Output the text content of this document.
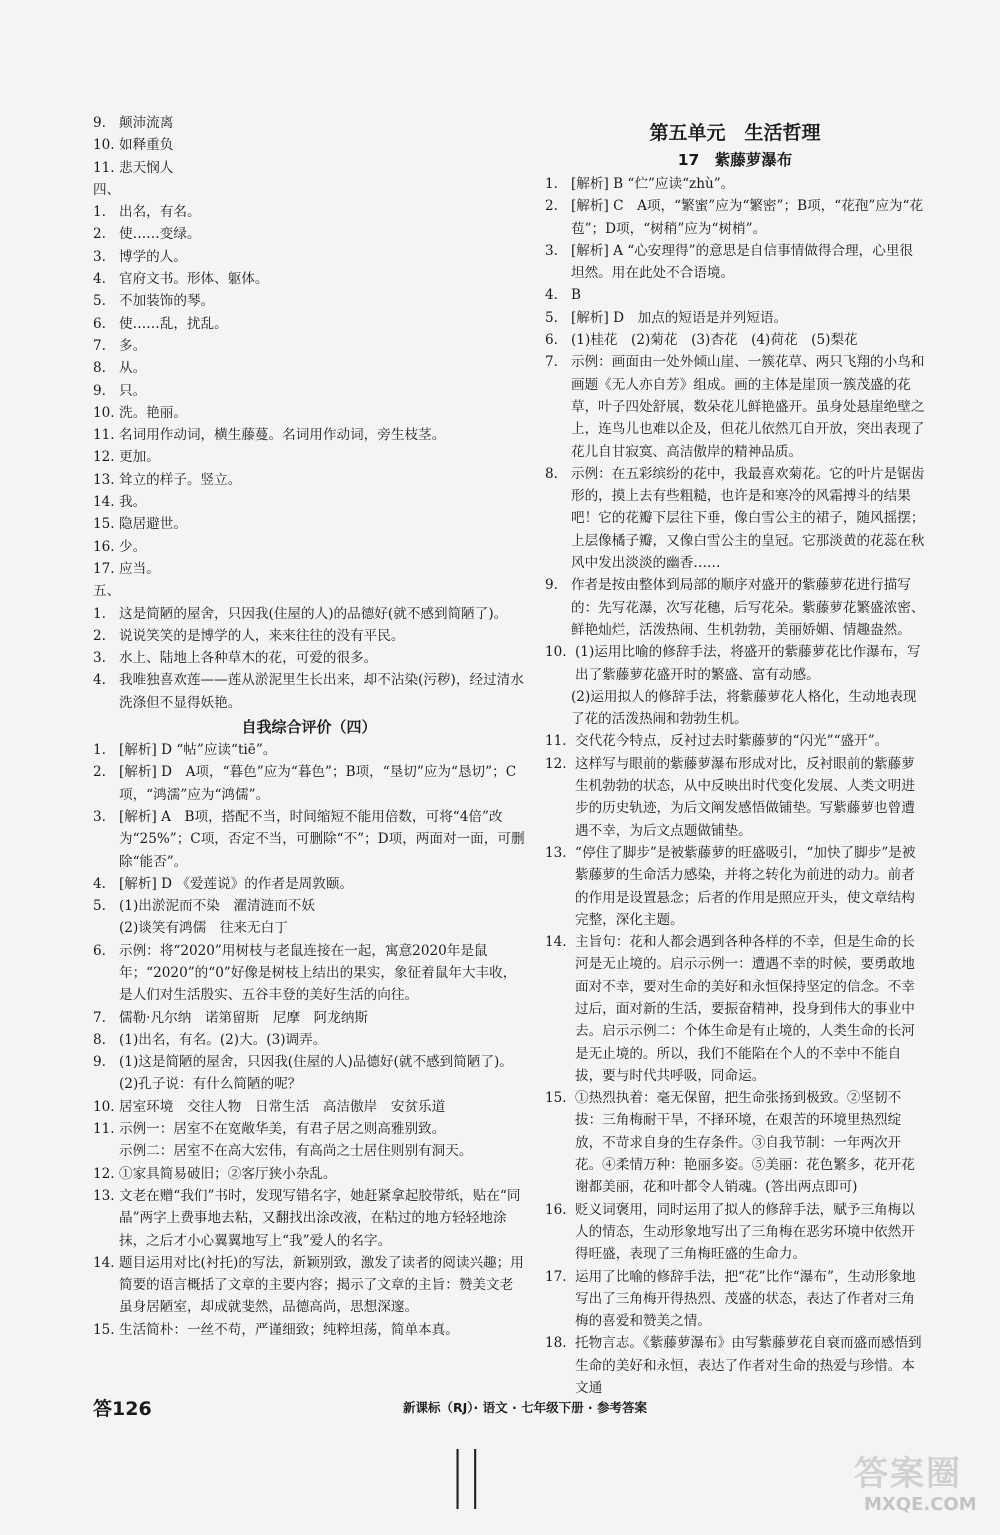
9. 颠沛流离
10. 如释重负
11. 悲天悯人
四、
1. 出名，有名。
2. 使……变绿。
3. 博学的人。
4. 官府文书。形体、躯体。
5. 不加装饰的琴。
6. 使……乱，扰乱。
7. 多。
8. 从。
9. 只。
10. 洗。艳丽。
11. 名词用作动词，横生藤蔓。名词用作动词，旁生枝茎。
12. 更加。
13. 耸立的样子。竖立。
14. 我。
15. 隐居避世。
16. 少。
17. 应当。
五、
1. 这是简陋的屋舍，只因我(住屋的人)的品德好(就不感到简陋了)。
2. 说说笑笑的是博学的人，来来往往的没有平民。
3. 水上、陆地上各种草木的花，可爱的很多。
4. 我唯独喜欢莲——莲从淤泥里生长出来，却不沾染(污秽)，经过清水洗涤但不显得妖艳。
自我综合评价（四）
1. [解析] D “帖”应读“tiē”。
2. [解析] D　A项，“暮色”应为“暮色”；B项，“垦切”应为“恳切”；C项，“鸿濡”应为“鸿儒”。
3. [解析] A　B项，搭配不当，时间缩短不能用倍数，可将“4倍”改为“25%”；C项，否定不当，可删除“不”；D项，两面对一面，可删除“能否”。
4. [解析] D 《爱莲说》的作者是周敦颐。
5. (1)出淤泥而不染　濯清涟而不妖
(2)谈笑有鸿儒　往来无白丁
6. 示例：将“2020”用树枝与老鼠连接在一起，寓意2020年是鼠年；“2020”的“0”好像是树枝上结出的果实，象征着鼠年大丰收，是人们对生活殷实、五谷丰登的美好生活的向往。
7. 儒勒·凡尔纳　诺第留斯　尼摩　阿龙纳斯
8. (1)出名，有名。(2)大。(3)调弄。
9. (1)这是简陋的屋舍，只因我(住屋的人)品德好(就不感到简陋了)。
(2)孔子说：有什么简陋的呢？
10. 居室环境　交往人物　日常生活　高洁傲岸　安贫乐道
11. 示例一：居室不在宽敞华美，有君子居之则高雅别致。
示例二：居室不在高大宏伟，有高尚之士居住则别有洞天。
12. ①家具简易破旧；②客厅狭小杂乱。
13. 文老在赠“我们”书时，发现写错名字，她赶紧拿起胶带纸，贴在“同晶”两字上费事地去粘，又翻找出涂改液，在粘过的地方轻轻地涂抹，之后才小心翼翼地写上“我”爱人的名字。
14. 题目运用对比(衬托)的写法，新颖别致，激发了读者的阅读兴趣；用简要的语言概括了文章的主要内容；揭示了文章的主旨：赞美文老虽身居陋室，却成就斐然，品德高尚，思想深邃。
15. 生活简朴：一丝不苟，严谨细致；纯粹坦荡，简单本真。
第五单元　生活哲理
17　紫藤萝瀑布
1. [解析] B “伫”应读“zhù”。
2. [解析] C　A项，“繁蜜”应为“繁密”；B项，“花孢”应为“花苞”；D项，“树稍”应为“树梢”。
3. [解析] A “心安理得”的意思是自信事情做得合理，心里很坦然。用在此处不合语境。
4. B
5. [解析] D　加点的短语是并列短语。
6. (1)桂花　(2)菊花　(3)杏花　(4)荷花　(5)梨花
7. 示例：画面由一处外倾山崖、一簇花草、两只飞翔的小鸟和画题《无人亦自芳》组成。画的主体是崖顶一簇茂盛的花草，叶子四处舒展，数朵花儿鲜艳盛开。虽身处悬崖绝壁之上，连鸟儿也难以企及，但花儿依然兀自开放，突出表现了花儿自甘寂寞、高洁傲岸的精神品质。
8. 示例：在五彩缤纷的花中，我最喜欢菊花。它的叶片是锯齿形的，摸上去有些粗糙，也许是和寒冷的风霜搏斗的结果吧！它的花瓣下层往下垂，像白雪公主的裙子，随风摇摆；上层像橘子瓣，又像白雪公主的皇冠。它那淡黄的花蕊在秋风中发出淡淡的幽香……
9. 作者是按由整体到局部的顺序对盛开的紫藤萝花进行描写的：先写花瀑，次写花穗，后写花朵。紫藤萝花繁盛浓密、鲜艳灿烂，活泼热闹、生机勃勃，美丽娇媚、情趣盎然。
10. (1)运用比喻的修辞手法，将盛开的紫藤萝花比作瀑布，写出了紫藤萝花盛开时的繁盛、富有动感。
(2)运用拟人的修辞手法，将紫藤萝花人格化，生动地表现了花的活泼热闹和勃勃生机。
11. 交代花今特点，反衬过去时紫藤萝的“闪光”“盛开”。
12. 这样写与眼前的紫藤萝瀑布形成对比，反衬眼前的紫藤萝生机勃勃的状态，从中反映出时代变化发展、人类文明进步的历史轨迹，为后文阐发感悟做铺垫。写紫藤萝也曾遭遇不幸，为后文点题做铺垫。
13. “停住了脚步”是被紫藤萝的旺盛吸引，“加快了脚步”是被紫藤萝的生命活力感染，并将之转化为前进的动力。前者的作用是设置悬念；后者的作用是照应开头，使文章结构完整，深化主题。
14. 主旨句：花和人都会遇到各种各样的不幸，但是生命的长河是无止境的。启示示例一：遭遇不幸的时候，要勇敢地面对不幸，要对生命的美好和永恒保持坚定的信念。不幸过后，面对新的生活，要振奋精神，投身到伟大的事业中去。启示示例二：个体生命是有止境的，人类生命的长河是无止境的。所以，我们不能陷在个人的不幸中不能自拔，要与时代共呼吸，同命运。
15. ①热烈执着：毫无保留，把生命张扬到极致。②坚韧不拔：三角梅耐干旱，不择环境，在艰苦的环境里热烈绽放，不苛求自身的生存条件。③自我节制：一年两次开花。④柔情万种：艳丽多姿。⑤美丽：花色繁多，花开花谢都美丽，花和叶都令人销魂。(答出两点即可)
16. 贬义词褒用，同时运用了拟人的修辞手法，赋予三角梅以人的情态，生动形象地写出了三角梅在恶劣环境中依然开得旺盛，表现了三角梅旺盛的生命力。
17. 运用了比喻的修辞手法，把“花”比作“瀑布”，生动形象地写出了三角梅开得热烈、茂盛的状态，表达了作者对三角梅的喜爱和赞美之情。
18. 托物言志。《紫藤萝瀑布》由写紫藤萝花自衰而盛而感悟到生命的美好和永恒，表达了作者对生命的热爱与珍惜。本文通
答126	新课标（RJ）· 语文 · 七年级下册 · 参考答案
| |	答案圈
MXQE.COM
